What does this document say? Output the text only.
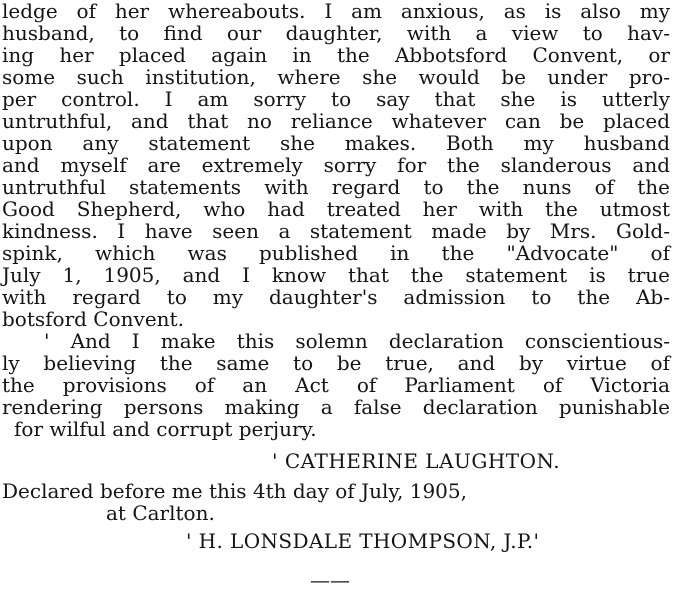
ledge of her whereabouts. I am anxious, as is also my
husband, to find our daughter, with a view to hav-
ing her placed again in the Abbotsford Convent, or
some such institution, where she would be under pro-
per control. I am sorry to say that she is utterly
untruthful, and that no reliance whatever can be placed
upon any statement she makes. Both my husband
and myself are extremely sorry for the slanderous and
untruthful statements with regard to the nuns of the
Good Shepherd, who had treated her with the utmost
kindness. I have seen a statement made by Mrs. Gold-
spink, which was published in the "Advocate" of
July 1, 1905, and I know that the statement is true
with regard to my daughter's admission to the Ab-
botsford Convent.
' And I make this solemn declaration conscientious-
ly believing the same to be true, and by virtue of
the provisions of an Act of Parliament of Victoria
rendering persons making a false declaration punishable
for wilful and corrupt perjury.
' CATHERINE LAUGHTON.
Declared before me this 4th day of July, 1905,
at Carlton.
' H. LONSDALE THOMPSON, J.P.'
——
